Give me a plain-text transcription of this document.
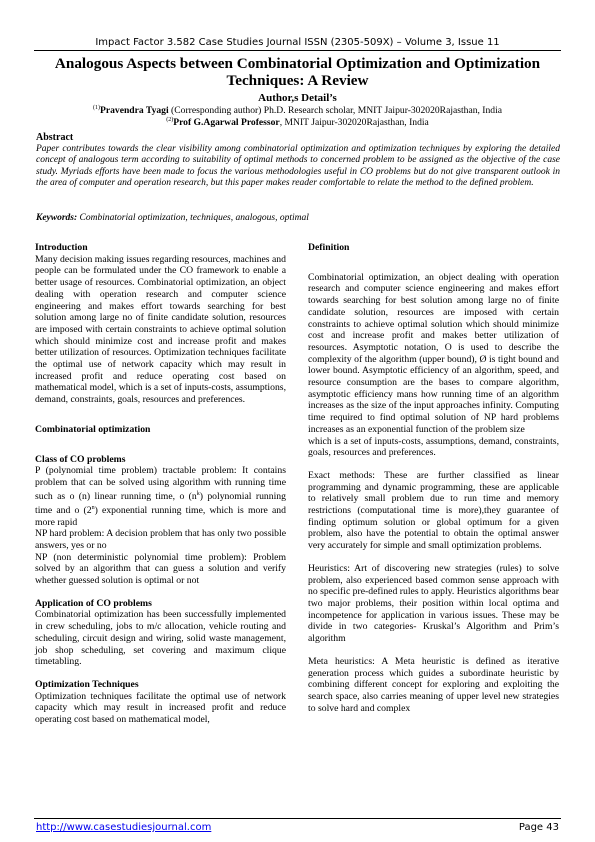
Impact Factor 3.582 Case Studies Journal ISSN (2305-509X) – Volume 3, Issue 11
Analogous Aspects between Combinatorial Optimization and Optimization Techniques: A Review
Author,s Detail’s
$^{(1)}$Pravendra Tyagi (Corresponding author) Ph.D. Research scholar, MNIT Jaipur-302020Rajasthan, India
$^{(2)}$Prof G.Agarwal Professor, MNIT Jaipur-302020Rajasthan, India
Abstract
Paper contributes towards the clear visibility among combinatorial optimization and optimization techniques by exploring the detailed concept of analogous term according to suitability of optimal methods to concerned problem to be assigned as the objective of the case study. Myriads efforts have been made to focus the various methodologies useful in CO problems but do not give transparent outlook in the area of computer and operation research, but this paper makes reader comfortable to relate the method to the defined problem.
Keywords: Combinatorial optimization, techniques, analogous, optimal
Introduction

Many decision making issues regarding resources, machines and people can be formulated under the CO framework to enable a better usage of resources. Combinatorial optimization, an object dealing with operation research and computer science engineering and makes effort towards searching for best solution among large no of finite candidate solution, resources are imposed with certain constraints to achieve optimal solution which should minimize cost and increase profit and makes better utilization of resources. Optimization techniques facilitate the optimal use of network capacity which may result in increased profit and reduce operating cost based on mathematical model, which is a set of inputs-costs, assumptions, demand, constraints, goals, resources and preferences.

Combinatorial optimization
Class of CO problems

P (polynomial time problem) tractable problem: It contains problem that can be solved using algorithm with running time such as o (n) linear running time, o $(n^k)$ polynomial running time and o (2$^n$) exponential running time, which is more and more rapid

NP hard problem: A decision problem that has only two possible answers, yes or no

NP (non deterministic polynomial time problem): Problem solved by an algorithm that can guess a solution and verify whether guessed solution is optimal or not

Application of CO problems

Combinatorial optimization has been successfully implemented in crew scheduling, jobs to m/c allocation, vehicle routing and scheduling, circuit design and wiring, solid waste management, job shop scheduling, set covering and maximum clique timetabling.

Optimization Techniques

Optimization techniques facilitate the optimal use of network capacity which may result in increased profit and reduce operating cost based on mathematical model,

Definition

Combinatorial optimization, an object dealing with operation research and computer science engineering and makes effort towards searching for best solution among large no of finite candidate solution, resources are imposed with certain constraints to achieve optimal solution which should minimize cost and increase profit and makes better utilization of resources. Asymptotic notation, O is used to describe the complexity of the algorithm (upper bound), Ø is tight bound and lower bound. Asymptotic efficiency of an algorithm, speed, and resource consumption are the bases to compare algorithm, asymptotic efficiency mans how running time of an algorithm increases as the size of the input approaches infinity. Computing time required to find optimal solution of NP hard problems increases as an exponential function of the problem size

which is a set of inputs-costs, assumptions, demand, constraints, goals, resources and preferences.

Exact methods: These are further classified as linear programming and dynamic programming, these are applicable to relatively small problem due to run time and memory restrictions (computational time is more),they guarantee of finding optimum solution or global optimum for a given problem, also have the potential to obtain the optimal answer very accurately for simple and small optimization problems.

Heuristics: Art of discovering new strategies (rules) to solve problem, also experienced based common sense approach with no specific pre-defined rules to apply. Heuristics algorithms bear two major problems, their position within local optima and incompetence for application in various issues. These may be divide in two categories- Kruskal’s Algorithm and Prim’s algorithm

Meta heuristics: A Meta heuristic is defined as iterative generation process which guides a subordinate heuristic by combining different concept for exploring and exploiting the search space, also carries meaning of upper level new strategies to solve hard and complex

http://www.casestudiesjournal.com	Page 43
